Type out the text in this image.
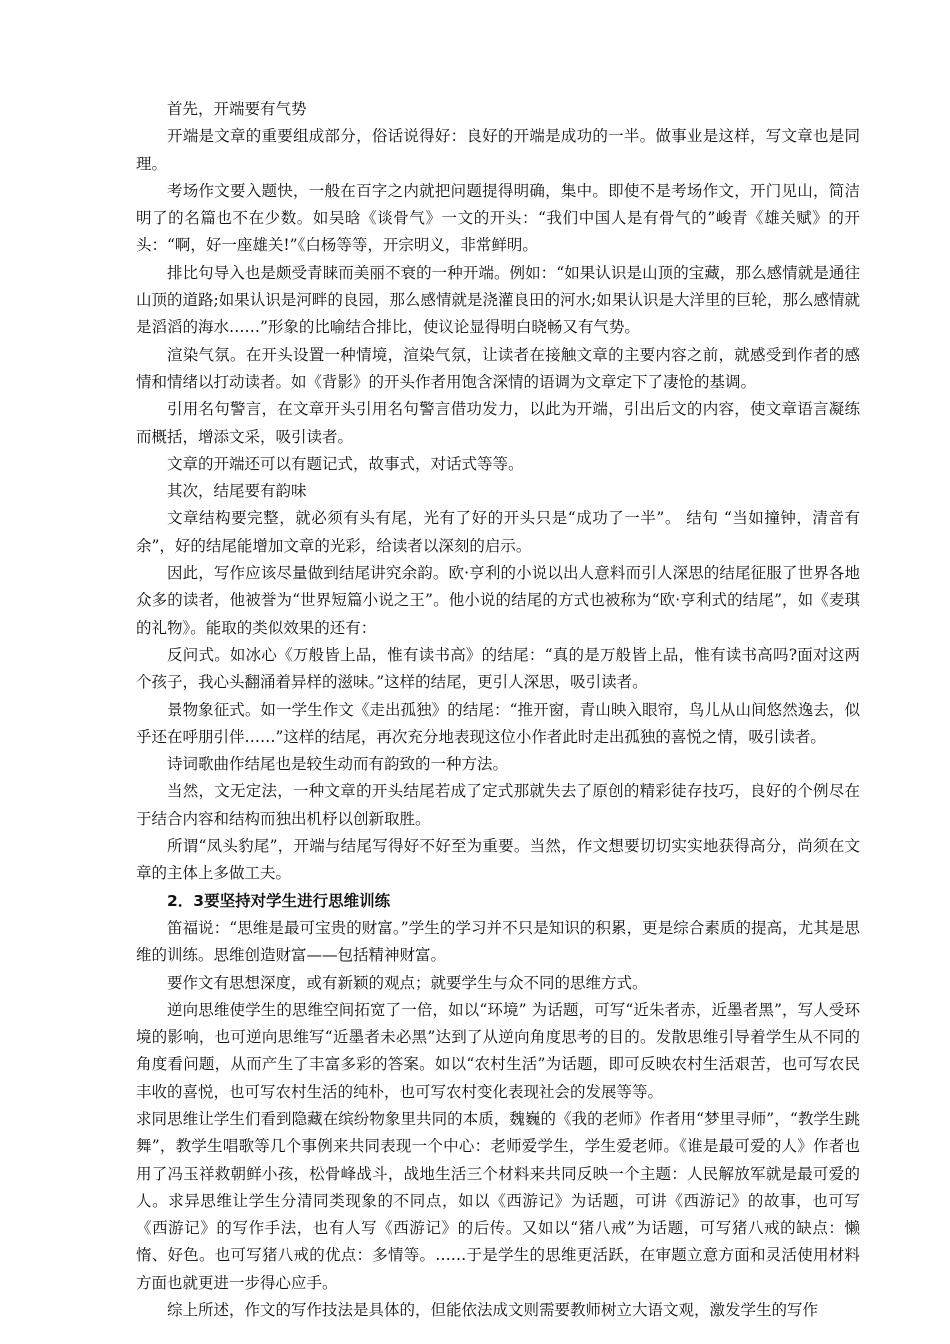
首先，开端要有气势

开端是文章的重要组成部分，俗话说得好：良好的开端是成功的一半。做事业是这样，写文章也是同理。

考场作文要入题快，一般在百字之内就把问题提得明确，集中。即使不是考场作文，开门见山，简洁明了的名篇也不在少数。如吴晗《谈骨气》一文的开头：“我们中国人是有骨气的”峻青《雄关赋》的开头：“啊，好一座雄关!”《白杨等等，开宗明义，非常鲜明。

排比句导入也是颇受青睐而美丽不衰的一种开端。例如：“如果认识是山顶的宝藏，那么感情就是通往山顶的道路;如果认识是河畔的良园，那么感情就是浇灌良田的河水;如果认识是大洋里的巨轮，那么感情就是滔滔的海水……”形象的比喻结合排比，使议论显得明白晓畅又有气势。

渲染气氛。在开头设置一种情境，渲染气氛，让读者在接触文章的主要内容之前，就感受到作者的感情和情绪以打动读者。如《背影》的开头作者用饱含深情的语调为文章定下了凄怆的基调。

引用名句警言，在文章开头引用名句警言借功发力，以此为开端，引出后文的内容，使文章语言凝练而概括，增添文采，吸引读者。

文章的开端还可以有题记式，故事式，对话式等等。

其次，结尾要有韵味

文章结构要完整，就必须有头有尾，光有了好的开头只是“成功了一半”。 结句 “当如撞钟，清音有余”，好的结尾能增加文章的光彩，给读者以深刻的启示。

因此，写作应该尽量做到结尾讲究余韵。欧·亨利的小说以出人意料而引人深思的结尾征服了世界各地众多的读者，他被誉为“世界短篇小说之王”。他小说的结尾的方式也被称为“欧·亨利式的结尾”，如《麦琪的礼物》。能取的类似效果的还有：

反问式。如冰心《万般皆上品，惟有读书高》的结尾：“真的是万般皆上品，惟有读书高吗?面对这两个孩子，我心头翻涌着异样的滋味。”这样的结尾，更引人深思，吸引读者。

景物象征式。如一学生作文《走出孤独》的结尾：“推开窗，青山映入眼帘，鸟儿从山间悠然逸去，似乎还在呼朋引伴……”这样的结尾，再次充分地表现这位小作者此时走出孤独的喜悦之情，吸引读者。

诗词歌曲作结尾也是较生动而有韵致的一种方法。

当然，文无定法，一种文章的开头结尾若成了定式那就失去了原创的精彩徒存技巧，良好的个例尽在于结合内容和结构而独出机杼以创新取胜。

所谓“凤头豹尾”，开端与结尾写得好不好至为重要。当然，作文想要切切实实地获得高分，尚须在文章的主体上多做工夫。

2．3要坚持对学生进行思维训练

笛福说：“思维是最可宝贵的财富。”学生的学习并不只是知识的积累，更是综合素质的提高，尤其是思维的训练。思维创造财富——包括精神财富。

要作文有思想深度，或有新颖的观点；就要学生与众不同的思维方式。

逆向思维使学生的思维空间拓宽了一倍，如以“环境” 为话题，可写“近朱者赤，近墨者黑”，写人受环境的影响，也可逆向思维写“近墨者未必黑”达到了从逆向角度思考的目的。发散思维引导着学生从不同的角度看问题，从而产生了丰富多彩的答案。如以“农村生活”为话题，即可反映农村生活艰苦，也可写农民丰收的喜悦，也可写农村生活的纯朴，也可写农村变化表现社会的发展等等。

求同思维让学生们看到隐藏在缤纷物象里共同的本质，魏巍的《我的老师》作者用“梦里寻师”，“教学生跳舞”，教学生唱歌等几个事例来共同表现一个中心：老师爱学生，学生爱老师。《谁是最可爱的人》作者也用了冯玉祥救朝鲜小孩，松骨峰战斗，战地生活三个材料来共同反映一个主题：人民解放军就是最可爱的人。求异思维让学生分清同类现象的不同点，如以《西游记》为话题，可讲《西游记》的故事，也可写《西游记》的写作手法，也有人写《西游记》的后传。又如以“猪八戒”为话题，可写猪八戒的缺点：懒惰、好色。也可写猪八戒的优点：多情等。……于是学生的思维更活跃，在审题立意方面和灵活使用材料方面也就更进一步得心应手。

综上所述，作文的写作技法是具体的，但能依法成文则需要教师树立大语文观，激发学生的写作
